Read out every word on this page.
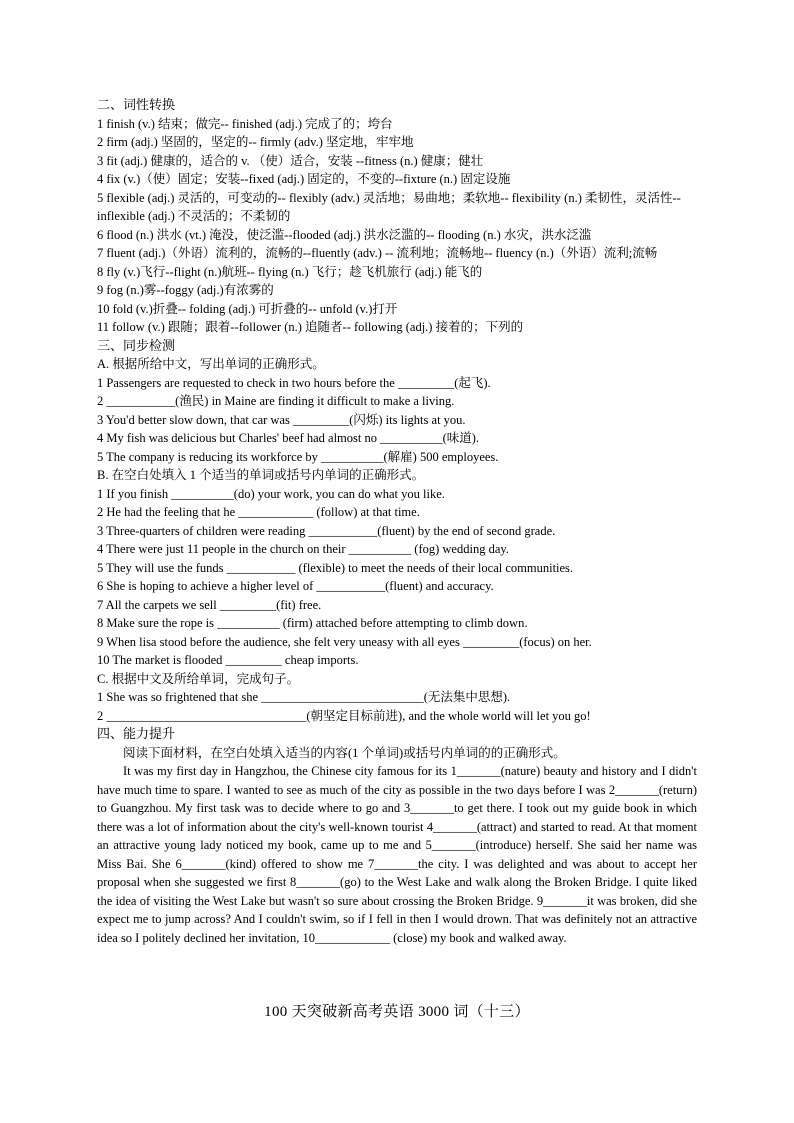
二、词性转换
1 finish (v.) 结束；做完-- finished (adj.) 完成了的；垮台
2 firm (adj.) 坚固的，坚定的-- firmly (adv.) 坚定地，牢牢地
3 fit (adj.) 健康的，适合的 v. （使）适合，安装 --fitness (n.) 健康；健壮
4 fix (v.)（使）固定；安装--fixed (adj.) 固定的，不变的--fixture (n.) 固定设施
5 flexible (adj.) 灵活的，可变动的-- flexibly (adv.) 灵活地；易曲地；柔软地-- flexibility (n.) 柔韧性，灵活性--inflexible (adj.) 不灵活的；不柔韧的
6 flood (n.) 洪水 (vt.) 淹没，使泛滥--flooded (adj.) 洪水泛滥的-- flooding (n.) 水灾，洪水泛滥
7 fluent (adj.)（外语）流利的，流畅的--fluently (adv.) -- 流利地；流畅地-- fluency (n.)（外语）流利;流畅
8 fly (v.)飞行--flight (n.)航班-- flying (n.) 飞行；趁飞机旅行 (adj.) 能飞的
9 fog (n.)雾--foggy (adj.)有浓雾的
10 fold (v.)折叠-- folding (adj.) 可折叠的-- unfold (v.)打开
11 follow (v.) 跟随；跟着--follower (n.) 追随者-- following (adj.) 接着的；下列的
三、同步检测
A. 根据所给中文，写出单词的正确形式。
1 Passengers are requested to check in two hours before the _________(起飞).
2 ___________(渔民) in Maine are finding it difficult to make a living.
3 You'd better slow down, that car was _________(闪烁) its lights at you.
4 My fish was delicious but Charles' beef had almost no __________(味道).
5 The company is reducing its workforce by __________(解雇) 500 employees.
B. 在空白处填入 1 个适当的单词或括号内单词的正确形式。
1 If you finish __________(do) your work, you can do what you like.
2 He had the feeling that he ____________ (follow) at that time.
3 Three-quarters of children were reading ___________(fluent) by the end of second grade.
4 There were just 11 people in the church on their __________ (fog) wedding day.
5 They will use the funds ___________ (flexible) to meet the needs of their local communities.
6 She is hoping to achieve a higher level of ___________(fluent) and accuracy.
7 All the carpets we sell _________(fit) free.
8 Make sure the rope is __________ (firm) attached before attempting to climb down.
9 When lisa stood before the audience, she felt very uneasy with all eyes _________(focus) on her.
10 The market is flooded _________ cheap imports.
C. 根据中文及所给单词，完成句子。
1 She was so frightened that she __________________________(无法集中思想).
2 ________________________________(朝坚定目标前进), and the whole world will let you go!
四、能力提升
阅读下面材料，在空白处填入适当的内容(1 个单词)或括号内单词的的正确形式。
It was my first day in Hangzhou, the Chinese city famous for its 1_______(nature) beauty and history and I didn't have much time to spare. I wanted to see as much of the city as possible in the two days before I was 2_______(return) to Guangzhou. My first task was to decide where to go and 3_______to get there. I took out my guide book in which there was a lot of information about the city's well-known tourist 4_______(attract) and started to read. At that moment an attractive young lady noticed my book, came up to me and 5_______(introduce) herself. She said her name was Miss Bai. She 6_______(kind) offered to show me 7_______the city. I was delighted and was about to accept her proposal when she suggested we first 8_______(go) to the West Lake and walk along the Broken Bridge. I quite liked the idea of visiting the West Lake but wasn't so sure about crossing the Broken Bridge. 9_______it was broken, did she expect me to jump across? And I couldn't swim, so if I fell in then I would drown. That was definitely not an attractive idea so I politely declined her invitation, 10____________ (close) my book and walked away.
100 天突破新高考英语 3000 词（十三）
